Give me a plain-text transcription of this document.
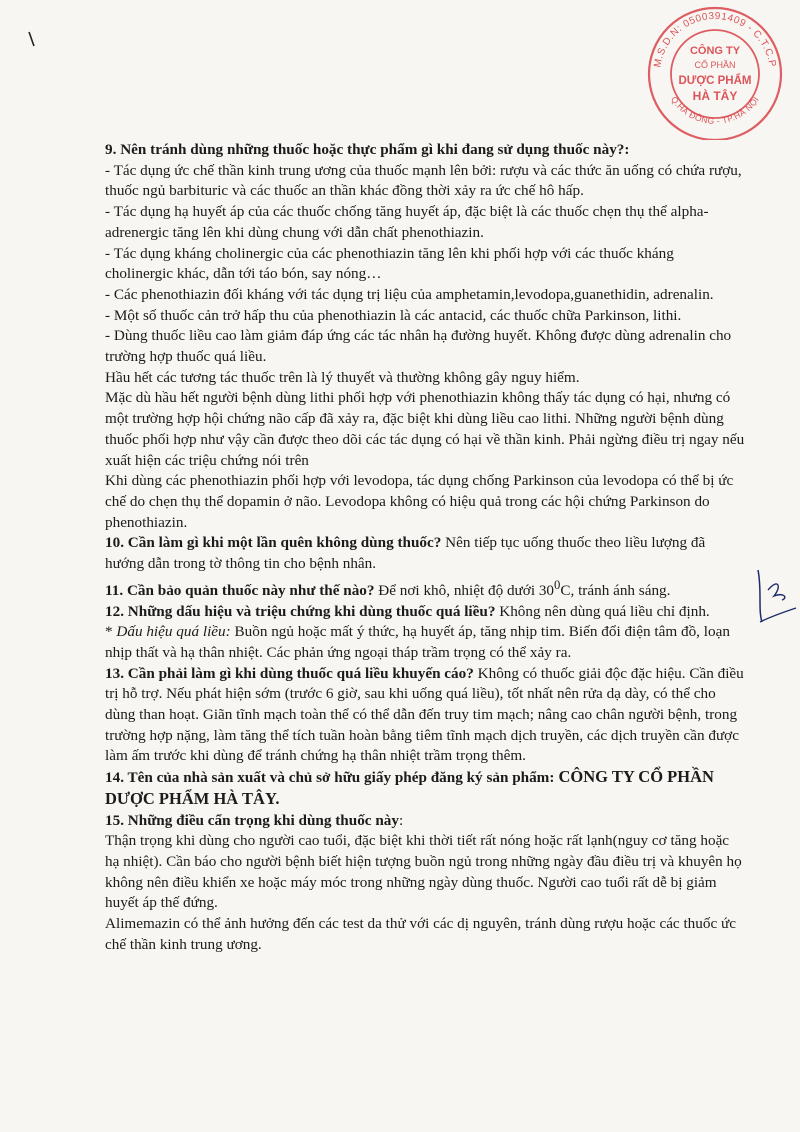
M.S.D.N: 0500391409 - C.T.C.P
Q.HÀ ĐÔNG - TP.HÀ NỘI
CÔNG TY
CỔ PHẦN
DƯỢC PHẨM
HÀ TÂY

9. Nên tránh dùng những thuốc hoặc thực phẩm gì khi đang sử dụng thuốc này?:

- Tác dụng ức chế thần kinh trung ương của thuốc mạnh lên bởi: rượu và các thức ăn uống có chứa rượu, thuốc ngủ barbituric và các thuốc an thần khác đồng thời xảy ra ức chế hô hấp.

- Tác dụng hạ huyết áp của các thuốc chống tăng huyết áp, đặc biệt là các thuốc chẹn thụ thể alpha-adrenergic tăng lên khi dùng chung với dẫn chất phenothiazin.

- Tác dụng kháng cholinergic của các phenothiazin tăng lên khi phối hợp với các thuốc kháng cholinergic khác, dẫn tới táo bón, say nóng…

- Các phenothiazin đối kháng với tác dụng trị liệu của amphetamin,levodopa,guanethidin, adrenalin.

- Một số thuốc cản trở hấp thu của phenothiazin là các antacid, các thuốc chữa Parkinson, lithi.

- Dùng thuốc liều cao làm giảm đáp ứng các tác nhân hạ đường huyết. Không được dùng adrenalin cho trường hợp thuốc quá liều.

Hầu hết các tương tác thuốc trên là lý thuyết và thường không gây nguy hiểm.

Mặc dù hầu hết người bệnh dùng lithi phối hợp với phenothiazin không thấy tác dụng có hại, nhưng có một trường hợp hội chứng não cấp đã xảy ra, đặc biệt khi dùng liều cao lithi. Những người bệnh dùng thuốc phối hợp như vậy cần được theo dõi các tác dụng có hại về thần kinh. Phải ngừng điều trị ngay nếu xuất hiện các triệu chứng nói trên

Khi dùng các phenothiazin phối hợp với levodopa, tác dụng chống Parkinson của levodopa có thể bị ức chế do chẹn thụ thể dopamin ở não. Levodopa không có hiệu quả trong các hội chứng Parkinson do phenothiazin.

10. Cần làm gì khi một lần quên không dùng thuốc? Nên tiếp tục uống thuốc theo liều lượng đã hướng dẫn trong tờ thông tin cho bệnh nhân.

11. Cần bảo quản thuốc này như thế nào? Để nơi khô, nhiệt độ dưới $30^0C$, tránh ánh sáng.

12. Những dấu hiệu và triệu chứng khi dùng thuốc quá liều? Không nên dùng quá liều chỉ định.

* Dấu hiệu quá liều: Buồn ngủ hoặc mất ý thức, hạ huyết áp, tăng nhịp tim. Biến đổi điện tâm đồ, loạn nhịp thất và hạ thân nhiệt. Các phản ứng ngoại tháp trầm trọng có thể xảy ra.

13. Cần phải làm gì khi dùng thuốc quá liều khuyến cáo? Không có thuốc giải độc đặc hiệu. Cần điều trị hỗ trợ. Nếu phát hiện sớm (trước 6 giờ, sau khi uống quá liều), tốt nhất nên rửa dạ dày, có thể cho dùng than hoạt. Giãn tĩnh mạch toàn thể có thể dẫn đến truy tim mạch; nâng cao chân người bệnh, trong trường hợp nặng, làm tăng thể tích tuần hoàn bằng tiêm tĩnh mạch dịch truyền, các dịch truyền cần được làm ấm trước khi dùng để tránh chứng hạ thân nhiệt trầm trọng thêm.

14. Tên của nhà sản xuất và chủ sở hữu giấy phép đăng ký sản phẩm: CÔNG TY CỔ PHẦN DƯỢC PHẨM HÀ TÂY.

15. Những điều cẩn trọng khi dùng thuốc này:

Thận trọng khi dùng cho người cao tuổi, đặc biệt khi thời tiết rất nóng hoặc rất lạnh(nguy cơ tăng hoặc hạ nhiệt). Cần báo cho người bệnh biết hiện tượng buồn ngủ trong những ngày đầu điều trị và khuyên họ không nên điều khiển xe hoặc máy móc trong những ngày dùng thuốc. Người cao tuổi rất dễ bị giảm huyết áp thế đứng.

Alimemazin có thể ảnh hưởng đến các test da thử với các dị nguyên, tránh dùng rượu hoặc các thuốc ức chế thần kinh trung ương.
